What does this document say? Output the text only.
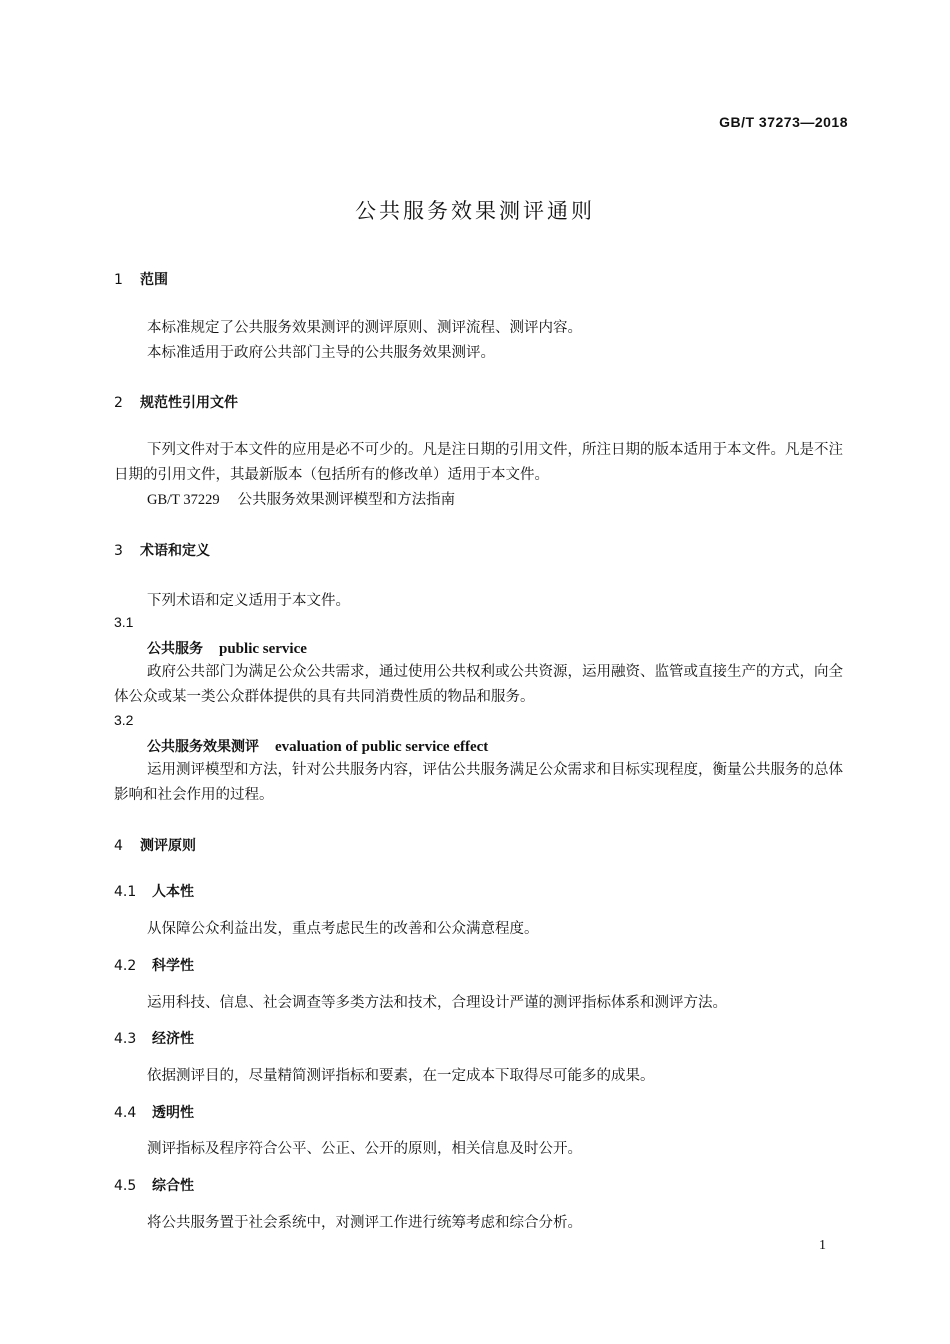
GB/T 37273—2018
公共服务效果测评通则
1 范围
本标准规定了公共服务效果测评的测评原则、测评流程、测评内容。
本标准适用于政府公共部门主导的公共服务效果测评。
2 规范性引用文件
下列文件对于本文件的应用是必不可少的。凡是注日期的引用文件，所注日期的版本适用于本文件。凡是不注日期的引用文件，其最新版本（包括所有的修改单）适用于本文件。
GB/T 37229 公共服务效果测评模型和方法指南
3 术语和定义
下列术语和定义适用于本文件。
3.1
公共服务 public service
政府公共部门为满足公众公共需求，通过使用公共权利或公共资源，运用融资、监管或直接生产的方式，向全体公众或某一类公众群体提供的具有共同消费性质的物品和服务。
3.2
公共服务效果测评 evaluation of public service effect
运用测评模型和方法，针对公共服务内容，评估公共服务满足公众需求和目标实现程度，衡量公共服务的总体影响和社会作用的过程。
4 测评原则
4.1 人本性
从保障公众利益出发，重点考虑民生的改善和公众满意程度。
4.2 科学性
运用科技、信息、社会调查等多类方法和技术，合理设计严谨的测评指标体系和测评方法。
4.3 经济性
依据测评目的，尽量精简测评指标和要素，在一定成本下取得尽可能多的成果。
4.4 透明性
测评指标及程序符合公平、公正、公开的原则，相关信息及时公开。
4.5 综合性
将公共服务置于社会系统中，对测评工作进行统筹考虑和综合分析。
1
